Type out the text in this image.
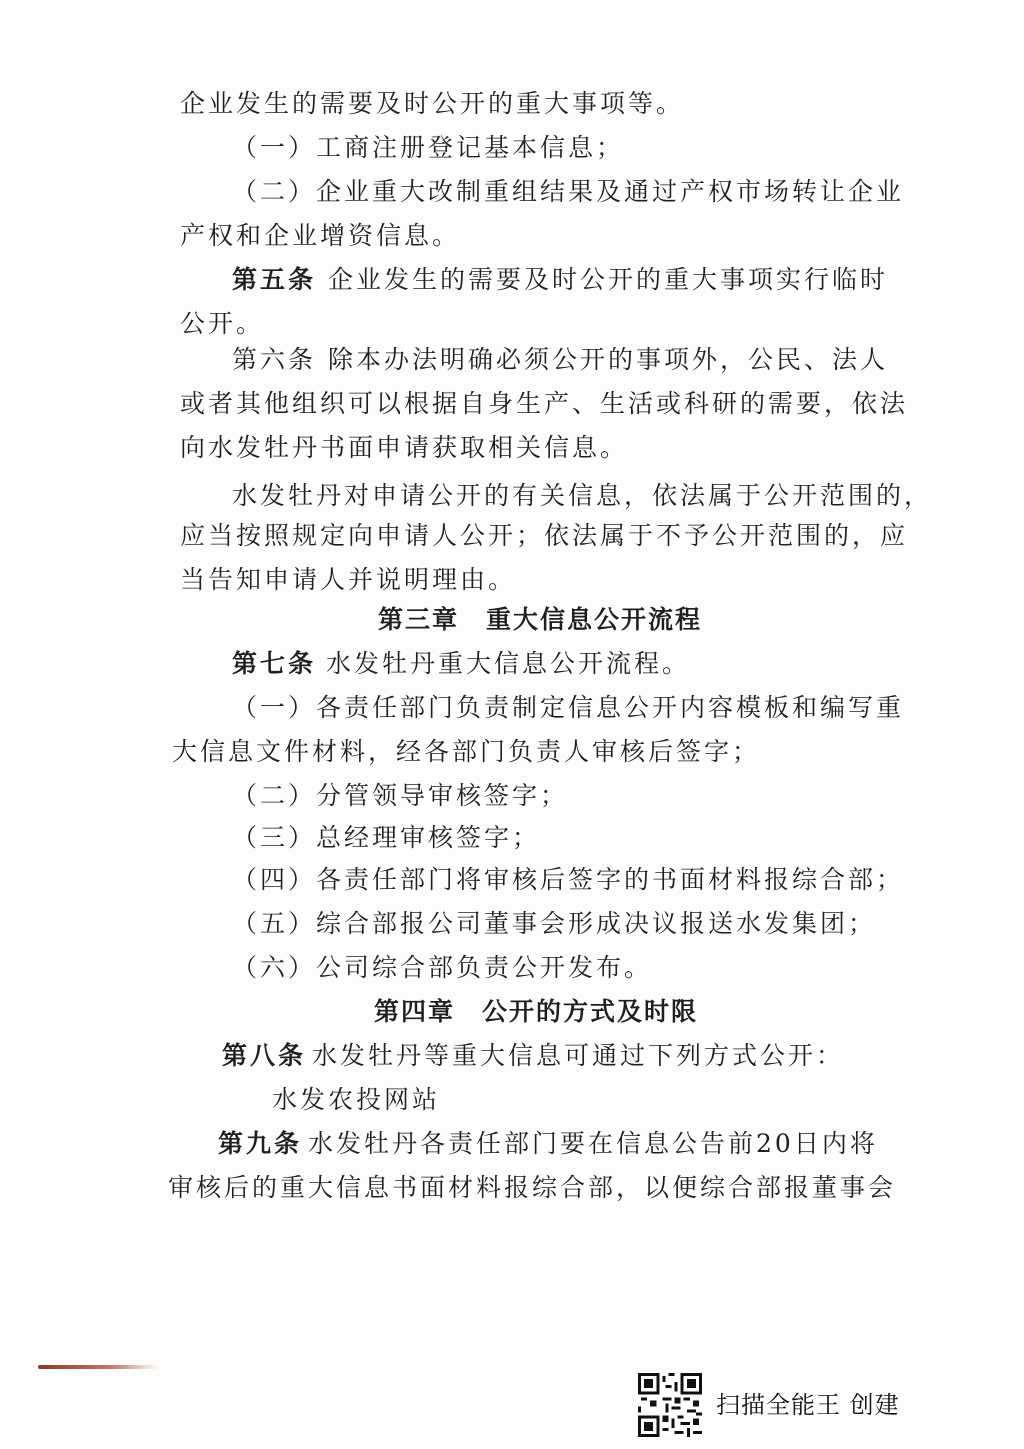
企业发生的需要及时公开的重大事项等。
（一）工商注册登记基本信息；
（二）企业重大改制重组结果及通过产权市场转让企业
产权和企业增资信息。
第五条 企业发生的需要及时公开的重大事项实行临时
公开。
第六条 除本办法明确必须公开的事项外，公民、法人
或者其他组织可以根据自身生产、生活或科研的需要，依法
向水发牡丹书面申请获取相关信息。
水发牡丹对申请公开的有关信息，依法属于公开范围的，
应当按照规定向申请人公开；依法属于不予公开范围的，应
当告知申请人并说明理由。
第三章　重大信息公开流程
第七条 水发牡丹重大信息公开流程。
（一）各责任部门负责制定信息公开内容模板和编写重
大信息文件材料，经各部门负责人审核后签字；
（二）分管领导审核签字；
（三）总经理审核签字；
（四）各责任部门将审核后签字的书面材料报综合部；
（五）综合部报公司董事会形成决议报送水发集团；
（六）公司综合部负责公开发布。
第四章　公开的方式及时限
第八条 水发牡丹等重大信息可通过下列方式公开：
水发农投网站
第九条 水发牡丹各责任部门要在信息公告前20日内将
审核后的重大信息书面材料报综合部，以便综合部报董事会
扫描全能王 创建
